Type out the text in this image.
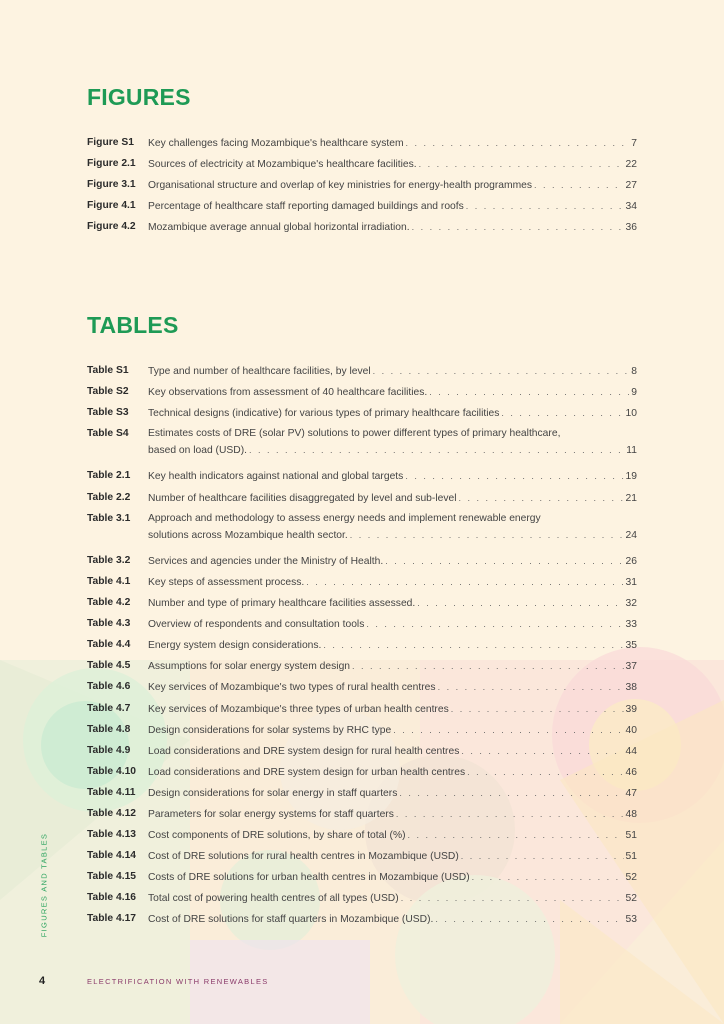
FIGURES
Figure S1	Key challenges facing Mozambique's healthcare system . . .	7
Figure 2.1	Sources of electricity at Mozambique's healthcare facilities. . . .	22
Figure 3.1	Organisational structure and overlap of key ministries for energy-health programmes . . .	27
Figure 4.1	Percentage of healthcare staff reporting damaged buildings and roofs . . .	34
Figure 4.2	Mozambique average annual global horizontal irradiation. . . .	36
TABLES
Table S1	Type and number of healthcare facilities, by level . . .	8
Table S2	Key observations from assessment of 40 healthcare facilities. . . .	9
Table S3	Technical designs (indicative) for various types of primary healthcare facilities . . .	10
Table S4	Estimates costs of DRE (solar PV) solutions to power different types of primary healthcare,
based on load (USD). . . .	11
Table 2.1	Key health indicators against national and global targets . . .	19
Table 2.2	Number of healthcare facilities disaggregated by level and sub-level . . .	21
Table 3.1	Approach and methodology to assess energy needs and implement renewable energy
solutions across Mozambique health sector. . . .	24
Table 3.2	Services and agencies under the Ministry of Health. . . .	26
Table 4.1	Key steps of assessment process. . . .	31
Table 4.2	Number and type of primary healthcare facilities assessed. . . .	32
Table 4.3	Overview of respondents and consultation tools . . .	33
Table 4.4	Energy system design considerations. . . .	35
Table 4.5	Assumptions for solar energy system design . . .	37
Table 4.6	Key services of Mozambique's two types of rural health centres . . .	38
Table 4.7	Key services of Mozambique's three types of urban health centres . . .	39
Table 4.8	Design considerations for solar systems by RHC type . . .	40
Table 4.9	Load considerations and DRE system design for rural health centres . . .	44
Table 4.10	Load considerations and DRE system design for urban health centres . . .	46
Table 4.11	Design considerations for solar energy in staff quarters . . .	47
Table 4.12	Parameters for solar energy systems for staff quarters . . .	48
Table 4.13	Cost components of DRE solutions, by share of total (%) . . .	51
Table 4.14	Cost of DRE solutions for rural health centres in Mozambique (USD) . . .	51
Table 4.15	Costs of DRE solutions for urban health centres in Mozambique (USD) . . .	52
Table 4.16	Total cost of powering health centres of all types (USD) . . .	52
Table 4.17	Cost of DRE solutions for staff quarters in Mozambique (USD). . . .	53
FIGURES AND TABLES
4	ELECTRIFICATION WITH RENEWABLES
